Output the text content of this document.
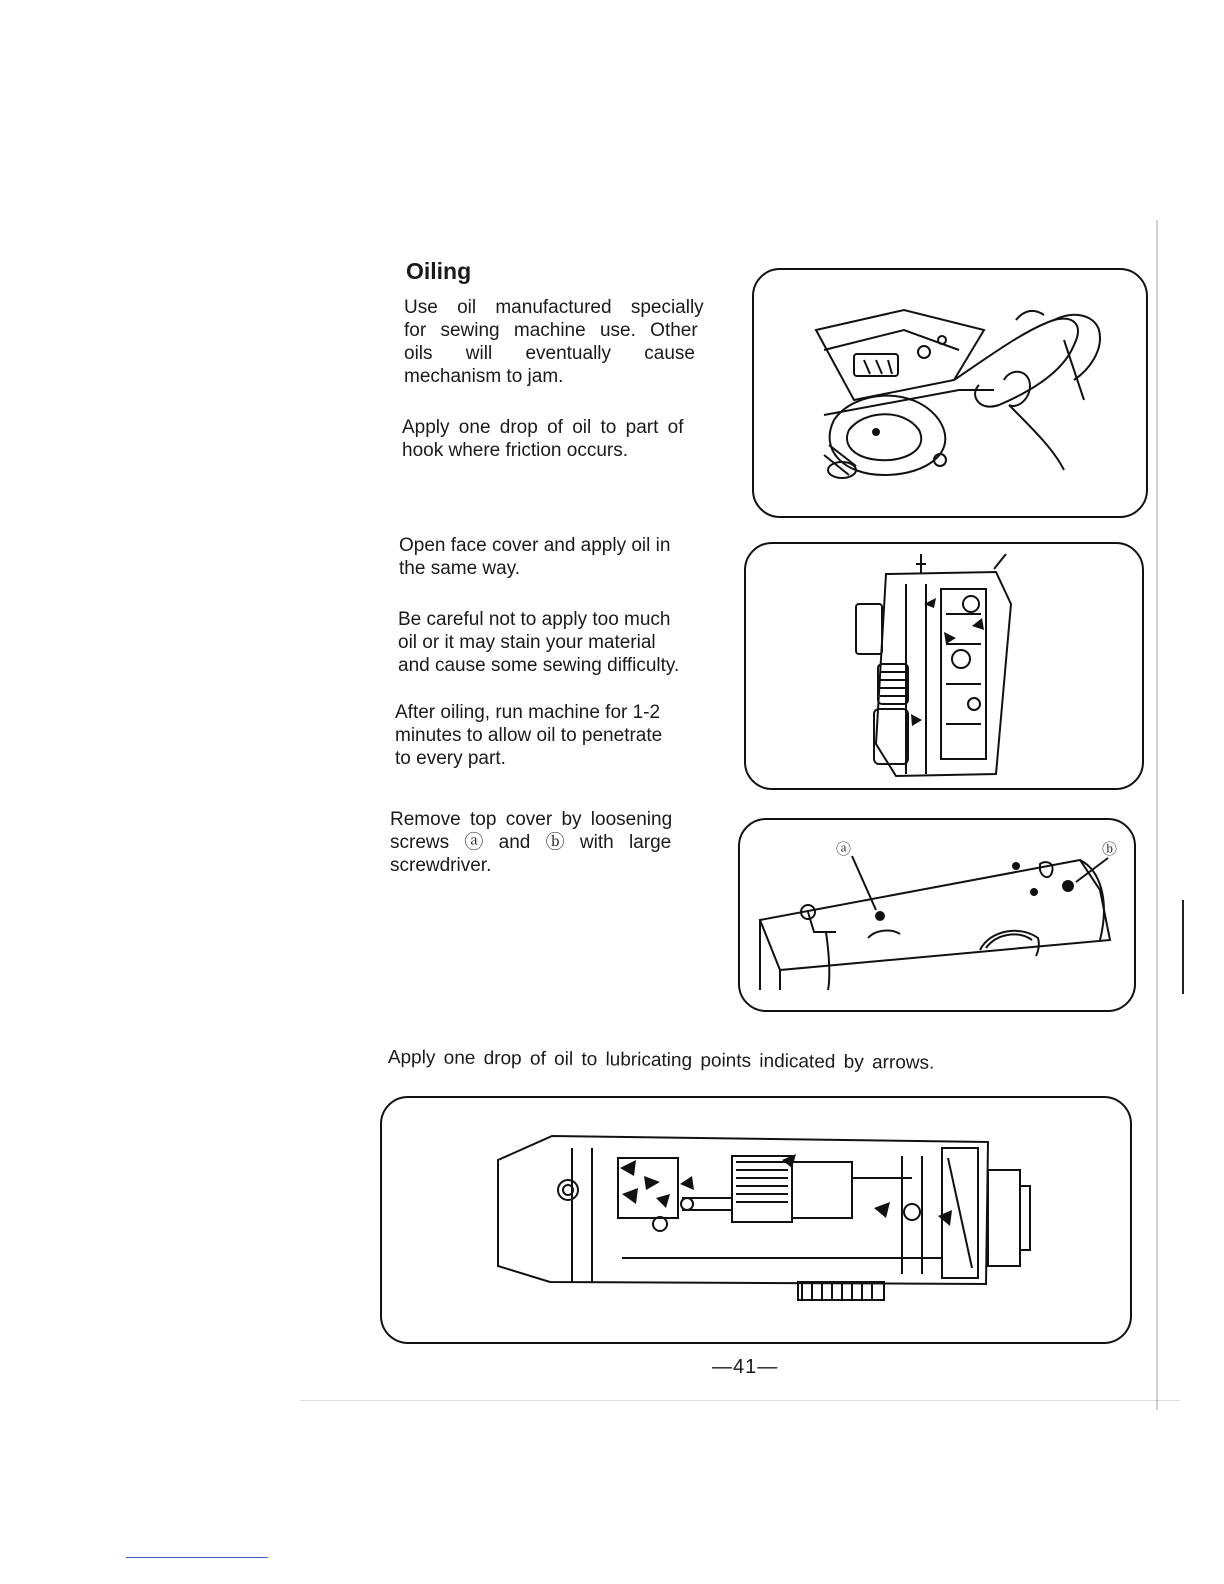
Oiling
Use oil manufactured specially
for sewing machine use. Other
oils will eventually cause
mechanism to jam.
Apply one drop of oil to part of
hook where friction occurs.
Open face cover and apply oil in
the same way.
Be careful not to apply too much
oil or it may stain your material
and cause some sewing difficulty.
After oiling, run machine for 1-2
minutes to allow oil to penetrate
to every part.
Remove top cover by loosening
screws ⓐ and ⓑ with large
screwdriver.
Apply one drop of oil to lubricating points indicated by arrows.
ⓐ	ⓑ
—41—
